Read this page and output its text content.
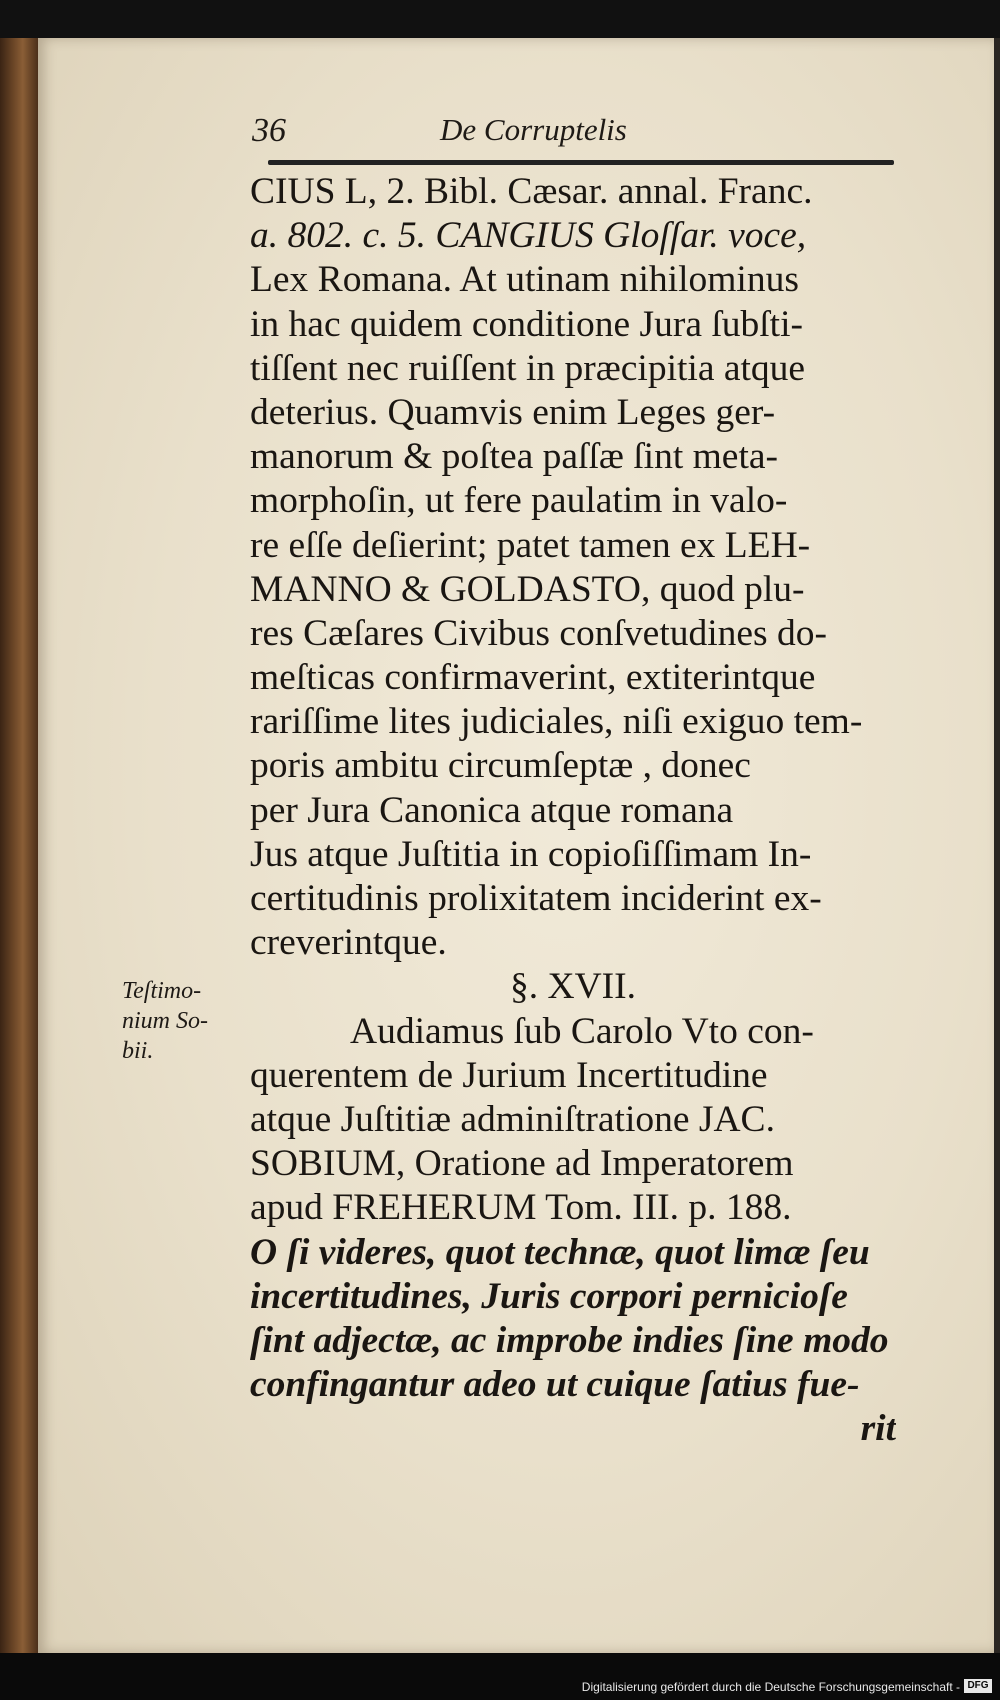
36	De Corruptelis
Teſtimo-
nium So-
bii.
CIUS L, 2. Bibl. Cæsar. annal. Franc.
a. 802. c. 5. CANGIUS Gloſſar. voce,
Lex Romana. At utinam nihilominus
in hac quidem conditione Jura ſubſti-
tiſſent nec ruiſſent in præcipitia atque
deterius. Quamvis enim Leges ger-
manorum & poſtea paſſæ ſint meta-
morphoſin, ut fere paulatim in valo-
re eſſe deſierint; patet tamen ex LEH-
MANNO & GOLDASTO, quod plu-
res Cæſares Civibus conſvetudines do-
meſticas confirmaverint, extiterintque
rariſſime lites judiciales, niſi exiguo tem-
poris ambitu circumſeptæ , donec
per Jura Canonica atque romana
Jus atque Juſtitia in copioſiſſimam In-
certitudinis prolixitatem inciderint ex-
creverintque.
§. XVII.
Audiamus ſub Carolo Vto con-
querentem de Jurium Incertitudine
atque Juſtitiæ adminiſtratione JAC.
SOBIUM, Oratione ad Imperatorem
apud FREHERUM Tom. III. p. 188.
O ſi videres, quot technæ, quot limæ ſeu
incertitudines, Juris corpori pernicioſe
ſint adjectæ, ac improbe indies ſine modo
confingantur adeo ut cuique ſatius fue-
rit
Digitalisierung gefördert durch die Deutsche Forschungsgemeinschaft - DFG
